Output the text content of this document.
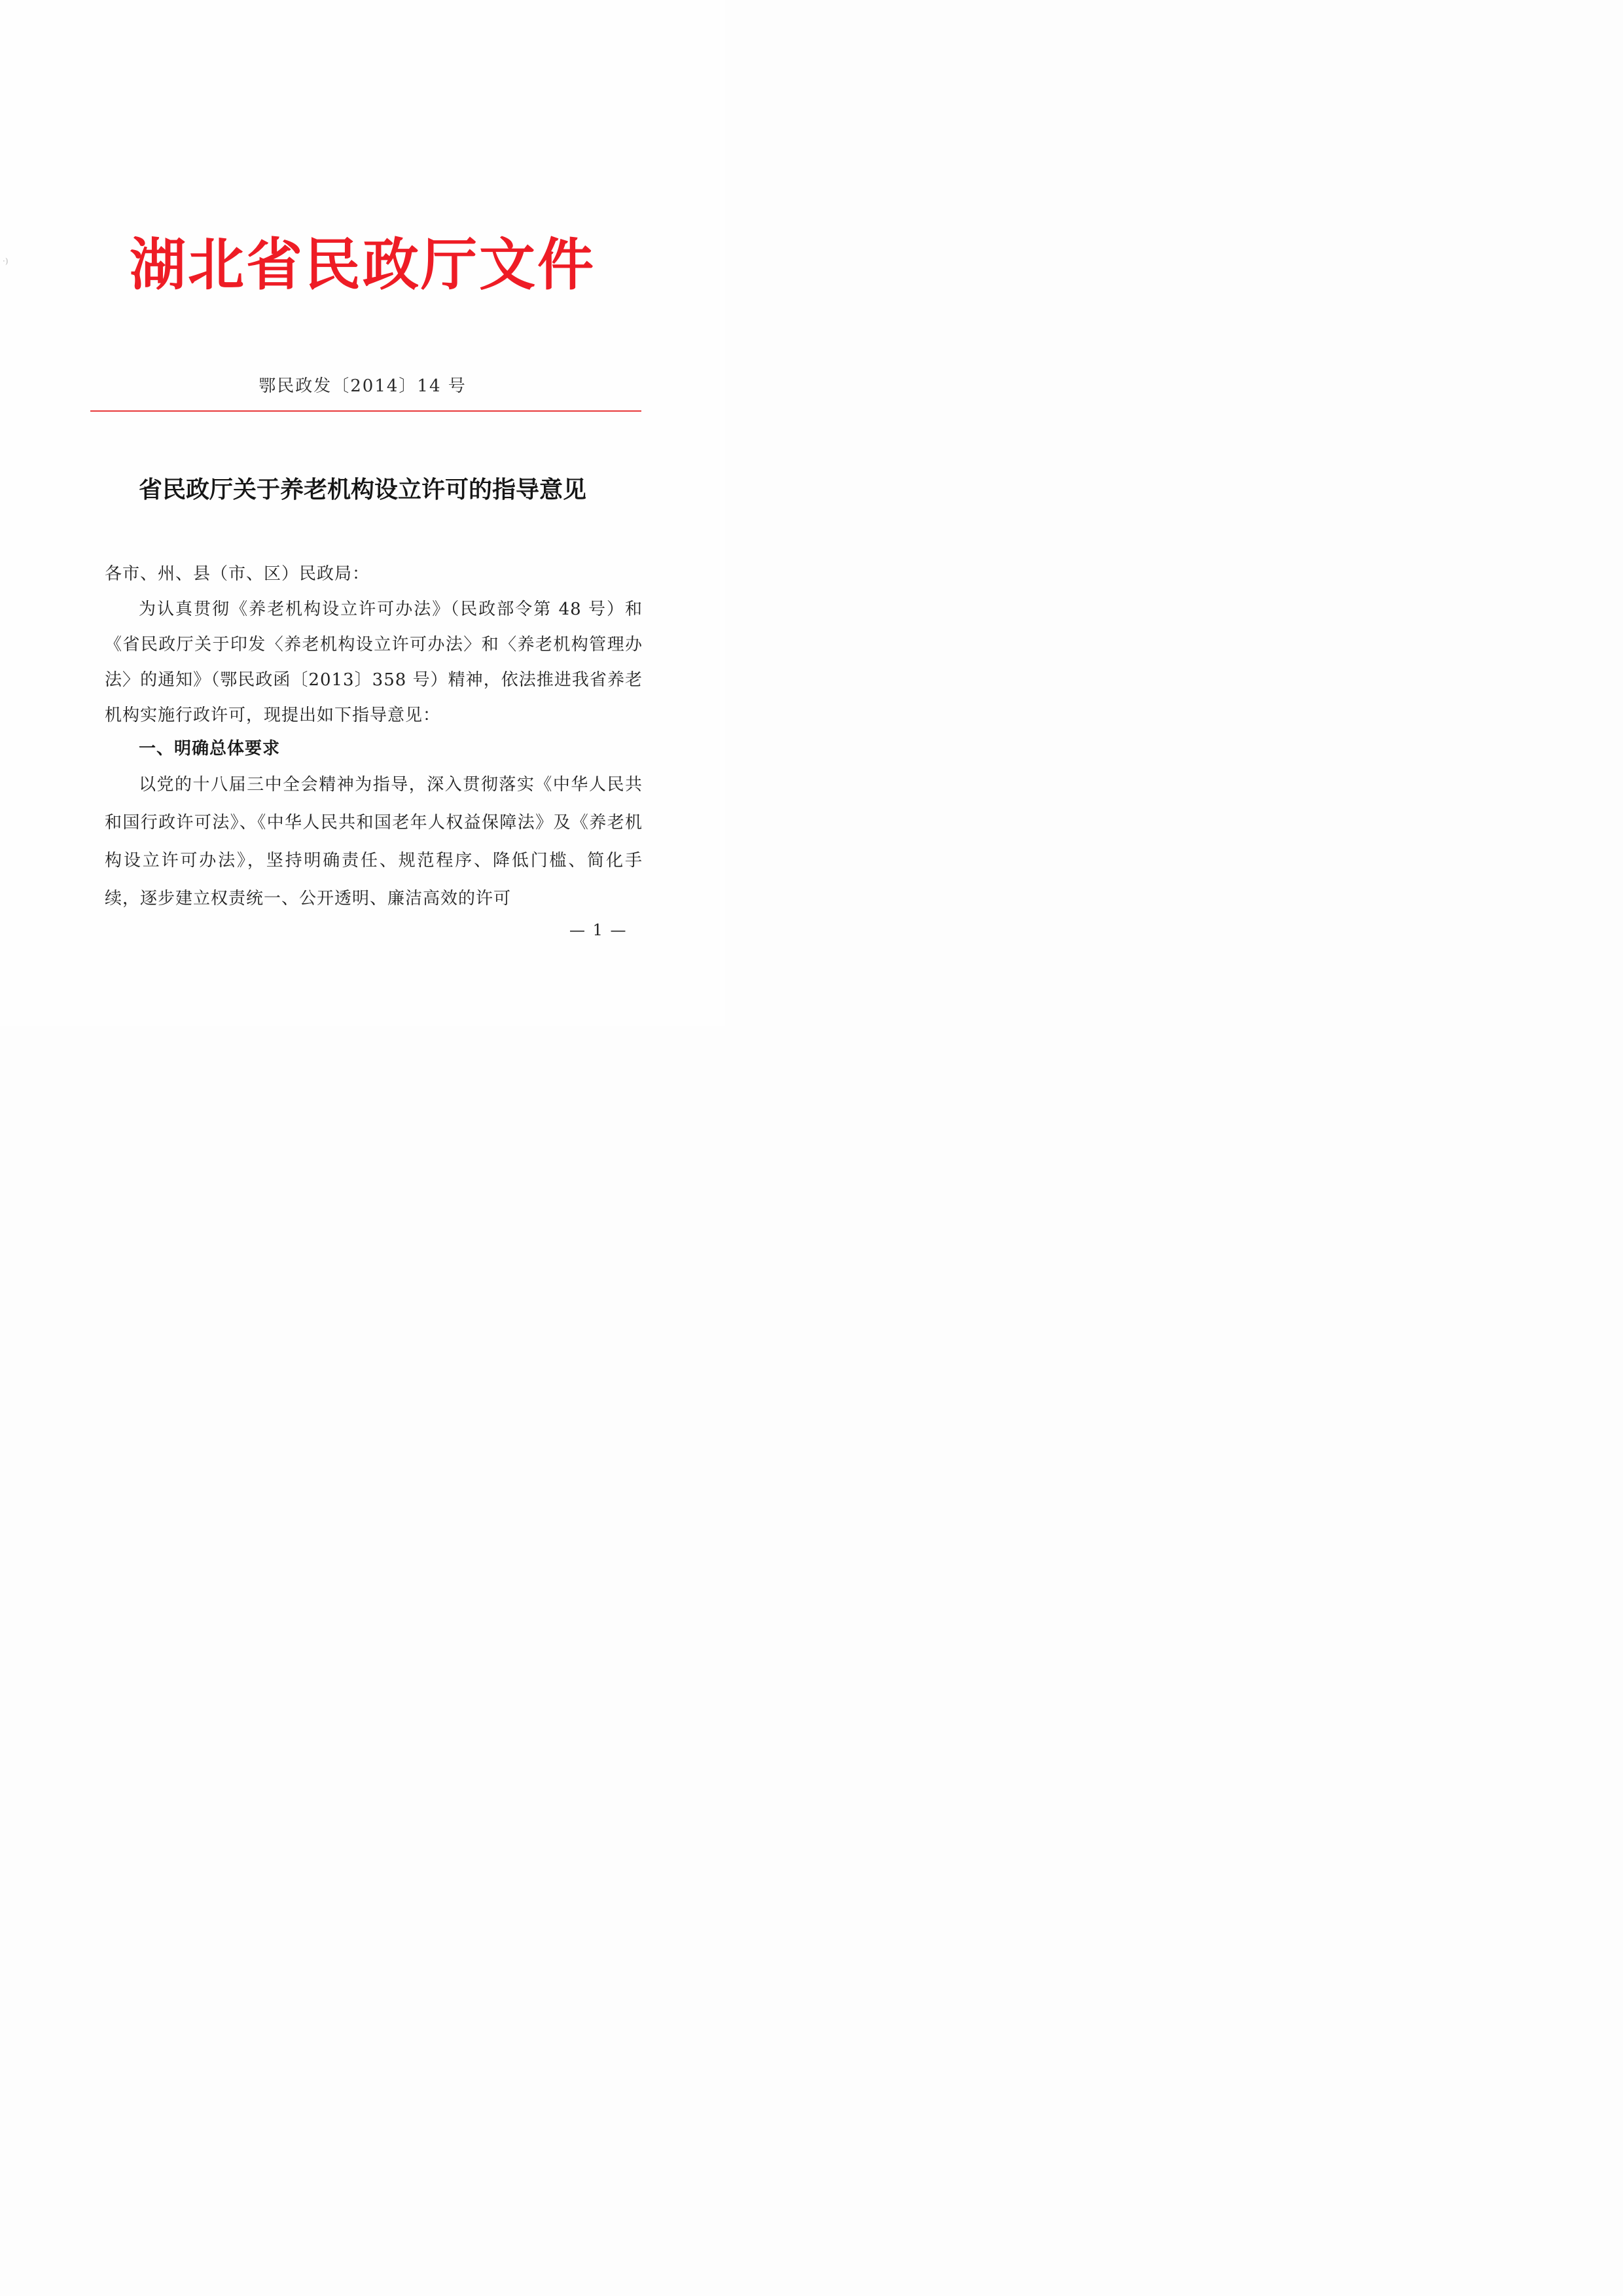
·)	湖北省民政厅文件
鄂民政发〔2014〕14 号
省民政厅关于养老机构设立许可的指导意见

各市、州、县（市、区）民政局：

为认真贯彻《养老机构设立许可办法》（民政部令第 48 号）和《省民政厅关于印发〈养老机构设立许可办法〉和〈养老机构管理办法〉的通知》（鄂民政函〔2013〕358 号）精神，依法推进我省养老机构实施行政许可，现提出如下指导意见：

一、明确总体要求

以党的十八届三中全会精神为指导，深入贯彻落实《中华人民共和国行政许可法》、《中华人民共和国老年人权益保障法》及《养老机构设立许可办法》，坚持明确责任、规范程序、降低门槛、简化手续，逐步建立权责统一、公开透明、廉洁高效的许可

— 1 —
